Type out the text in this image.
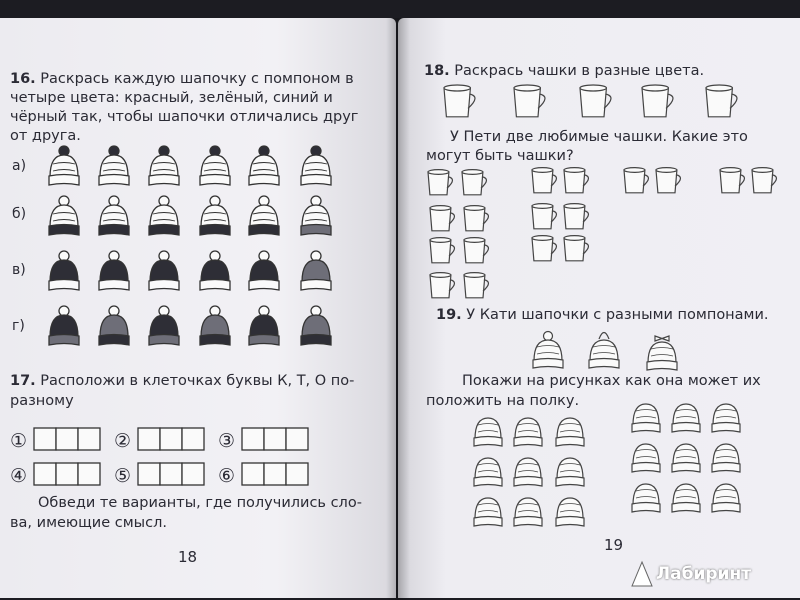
16. Раскрась каждую шапочку с помпоном в

четыре цвета: красный, зелёный, синий и

чёрный так, чтобы шапочки отличались друг

от друга.

а)
б)
в)
г)

17. Расположи в клеточках буквы К, Т, О по-

разному

①	②	③
④	⑤	⑥

Обведи те варианты, где получились сло-

ва, имеющие смысл.

18

18. Раскрась чашки в разные цвета.

У Пети две любимые чашки. Какие это

могут быть чашки?

19. У Кати шапочки с разными помпонами.

Покажи на рисунках как она может их

положить на полку.

19
Лабиринт
